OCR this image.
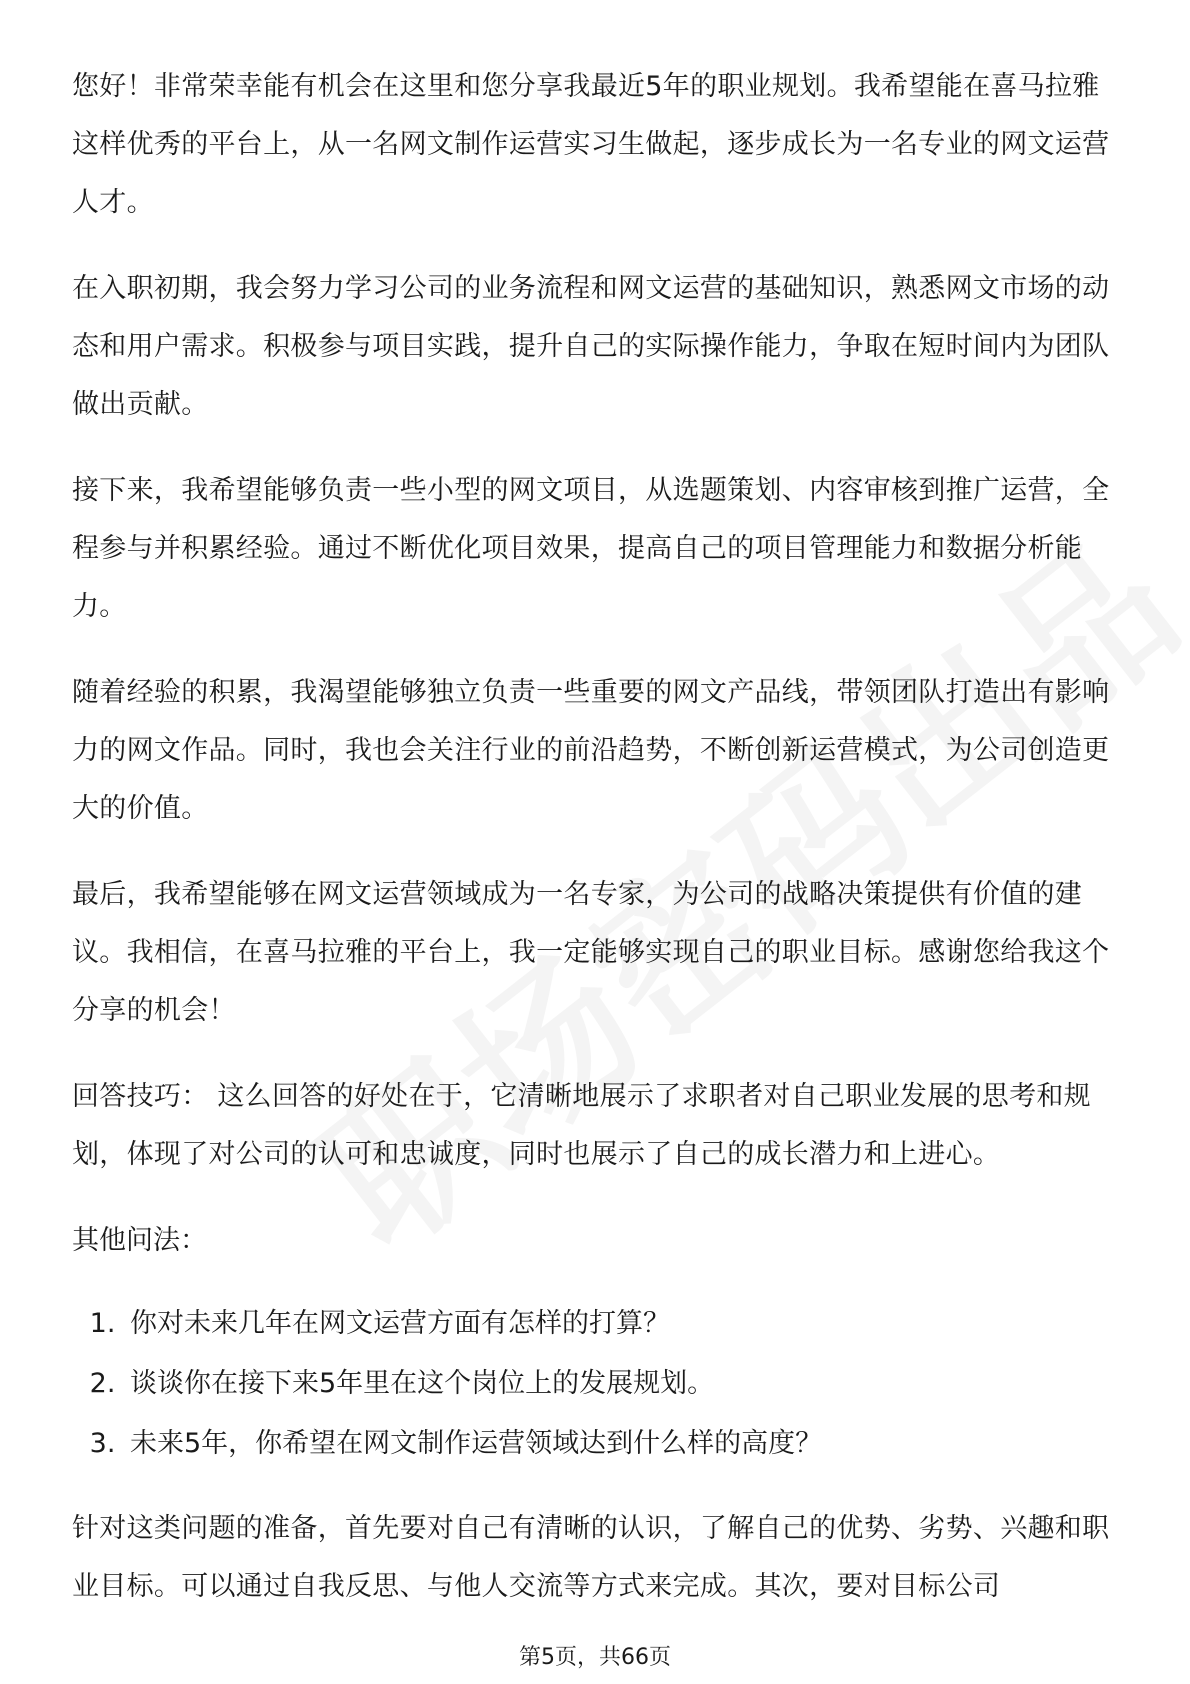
您好！非常荣幸能有机会在这里和您分享我最近5年的职业规划。我希望能在喜马拉雅这样优秀的平台上，从一名网文制作运营实习生做起，逐步成长为一名专业的网文运营人才。

在入职初期，我会努力学习公司的业务流程和网文运营的基础知识，熟悉网文市场的动态和用户需求。积极参与项目实践，提升自己的实际操作能力，争取在短时间内为团队做出贡献。

接下来，我希望能够负责一些小型的网文项目，从选题策划、内容审核到推广运营，全程参与并积累经验。通过不断优化项目效果，提高自己的项目管理能力和数据分析能力。

随着经验的积累，我渴望能够独立负责一些重要的网文产品线，带领团队打造出有影响力的网文作品。同时，我也会关注行业的前沿趋势，不断创新运营模式，为公司创造更大的价值。

最后，我希望能够在网文运营领域成为一名专家，为公司的战略决策提供有价值的建议。我相信，在喜马拉雅的平台上，我一定能够实现自己的职业目标。感谢您给我这个分享的机会！

回答技巧： 这么回答的好处在于，它清晰地展示了求职者对自己职业发展的思考和规划，体现了对公司的认可和忠诚度，同时也展示了自己的成长潜力和上进心。

其他问法：

1. 你对未来几年在网文运营方面有怎样的打算？
2. 谈谈你在接下来5年里在这个岗位上的发展规划。
3. 未来5年，你希望在网文制作运营领域达到什么样的高度？

针对这类问题的准备，首先要对自己有清晰的认识，了解自己的优势、劣势、兴趣和职业目标。可以通过自我反思、与他人交流等方式来完成。其次，要对目标公司

第5页，共66页
